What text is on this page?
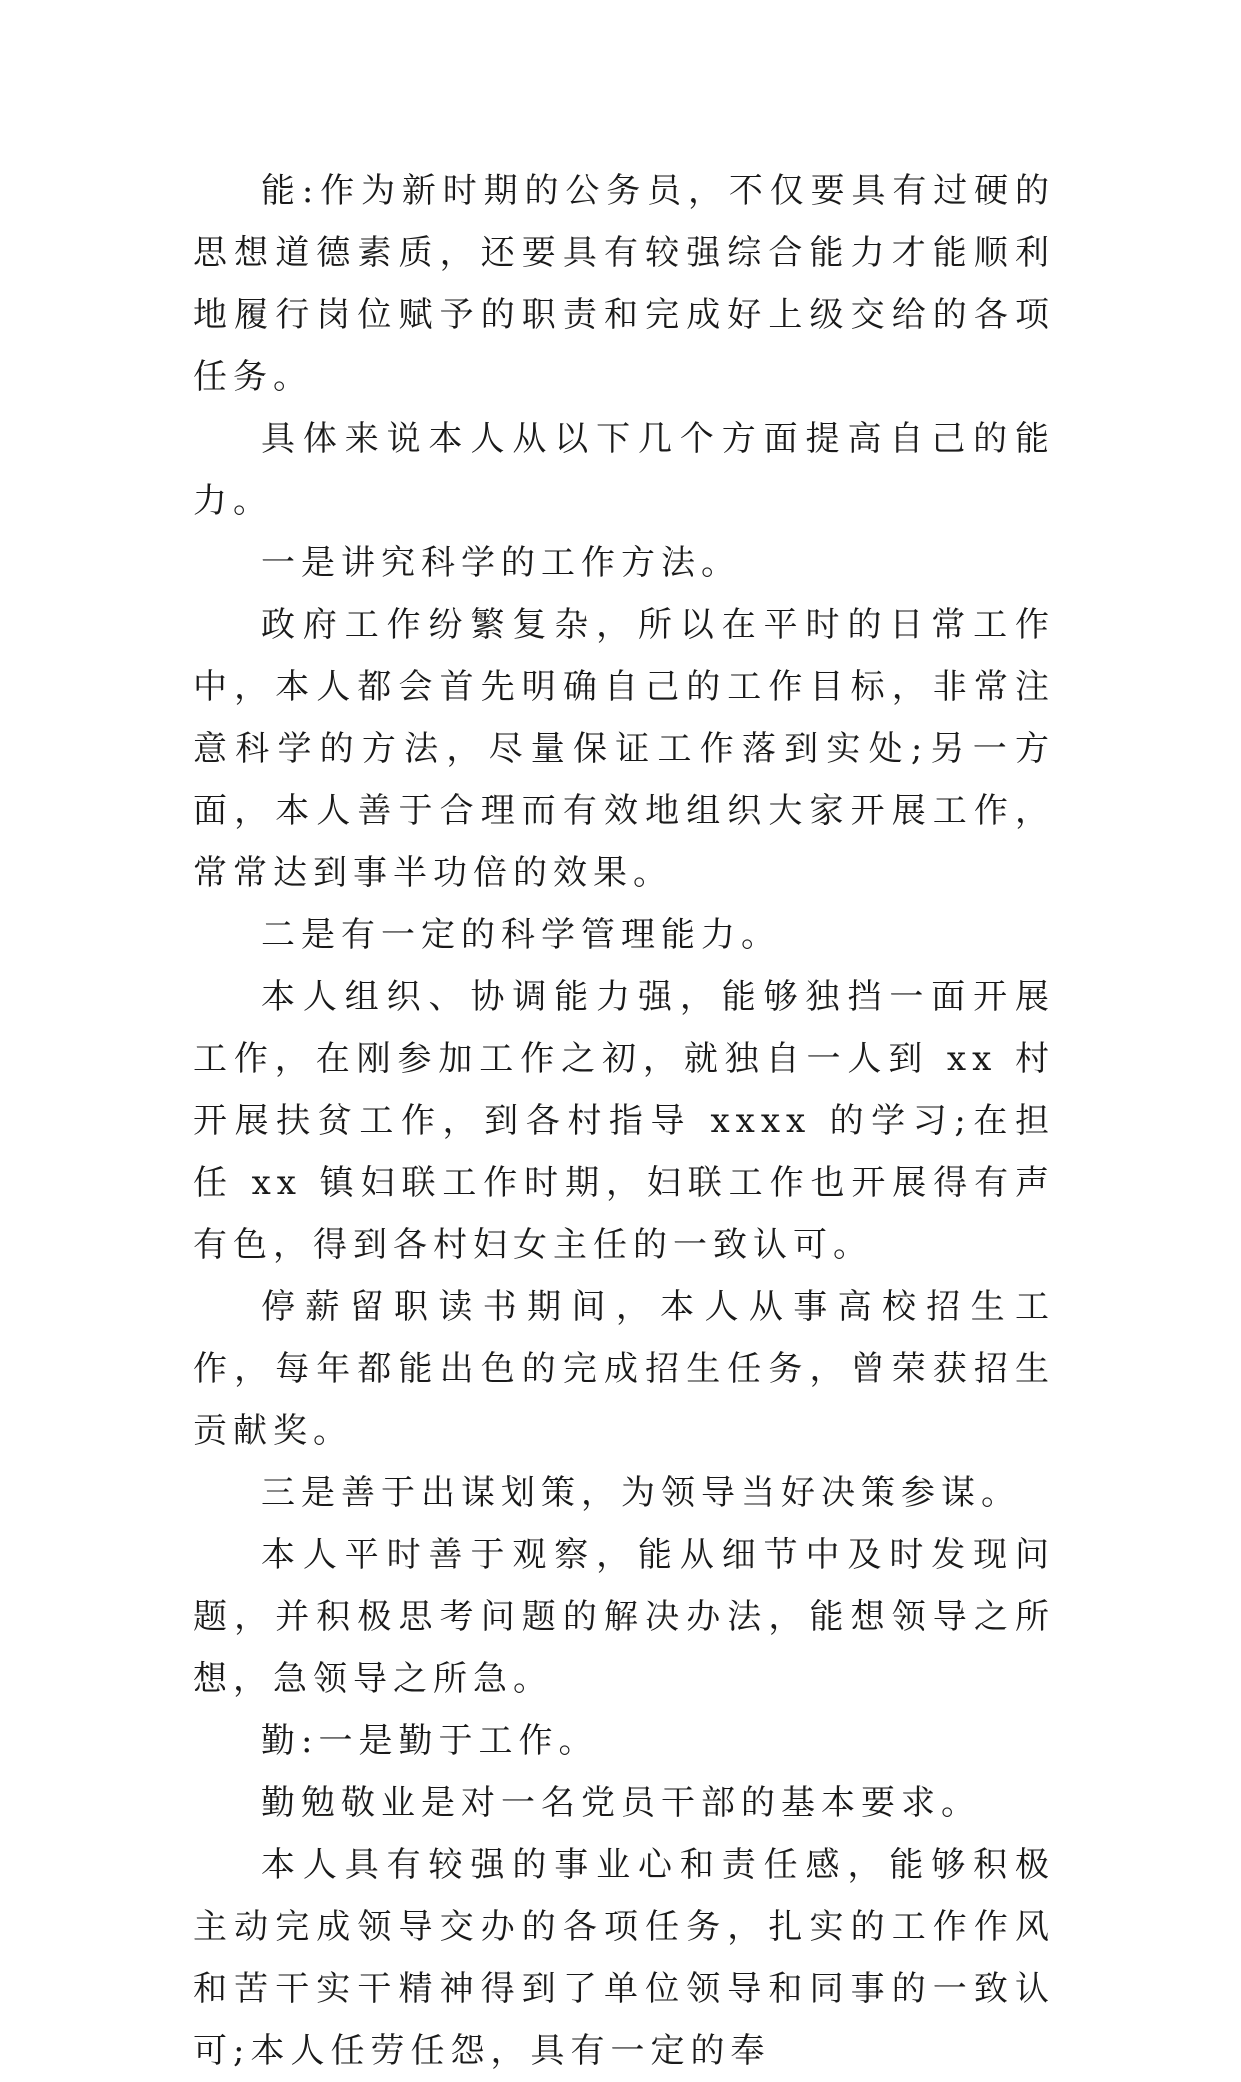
能:作为新时期的公务员，不仅要具有过硬的思想道德素质，还要具有较强综合能力才能顺利地履行岗位赋予的职责和完成好上级交给的各项任务。

具体来说本人从以下几个方面提高自己的能力。

一是讲究科学的工作方法。

政府工作纷繁复杂，所以在平时的日常工作中，本人都会首先明确自己的工作目标，非常注意科学的方法，尽量保证工作落到实处;另一方面，本人善于合理而有效地组织大家开展工作，常常达到事半功倍的效果。

二是有一定的科学管理能力。

本人组织、协调能力强，能够独挡一面开展工作，在刚参加工作之初，就独自一人到 xx 村开展扶贫工作，到各村指导 xxxx 的学习;在担任 xx 镇妇联工作时期，妇联工作也开展得有声有色，得到各村妇女主任的一致认可。

停薪留职读书期间，本人从事高校招生工作，每年都能出色的完成招生任务，曾荣获招生贡献奖。

三是善于出谋划策，为领导当好决策参谋。

本人平时善于观察，能从细节中及时发现问题，并积极思考问题的解决办法，能想领导之所想，急领导之所急。

勤:一是勤于工作。

勤勉敬业是对一名党员干部的基本要求。

本人具有较强的事业心和责任感，能够积极主动完成领导交办的各项任务，扎实的工作作风和苦干实干精神得到了单位领导和同事的一致认可;本人任劳任怨，具有一定的奉
